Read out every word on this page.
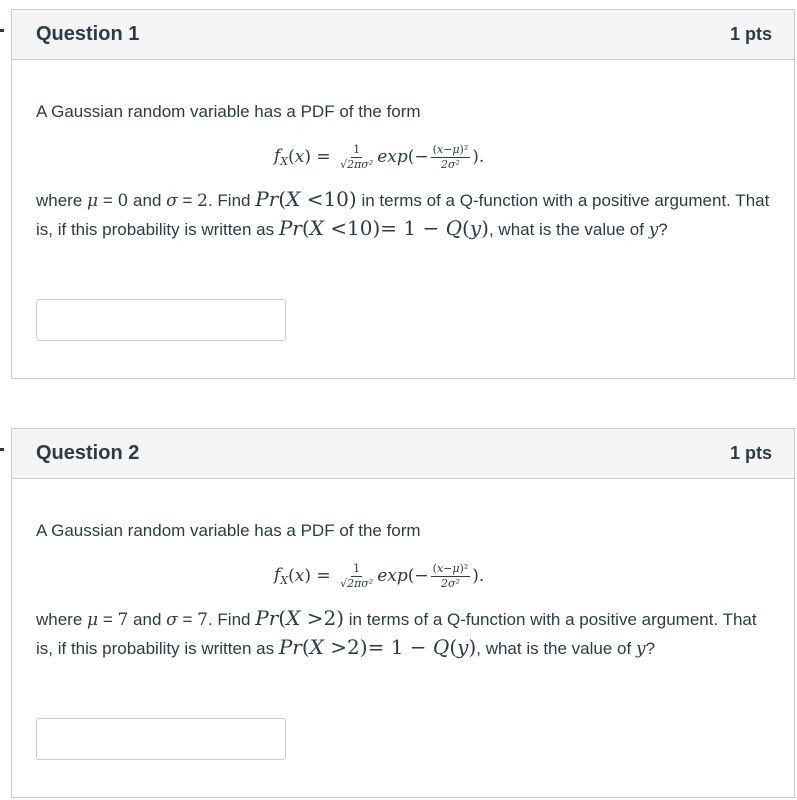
Question 1	1 pts
A Gaussian random variable has a PDF of the form
$f_X$ ( x ) = $\frac{1}{\text{√2πσ²}}$ exp (− $\frac{\text{(x−μ)²}}{\text{2σ²}}$ ).
where μ = 0 and σ = 2. Find Pr(X <10) in terms of a Q-function with a positive argument. That is, if this probability is written as Pr(X <10)= 1 − Q(y), what is the value of y?
Question 2	1 pts
A Gaussian random variable has a PDF of the form
$f_X$ ( x ) = $\frac{1}{\text{√2πσ²}}$ exp (− $\frac{\text{(x−μ)²}}{\text{2σ²}}$ ).
where μ = 7 and σ = 7. Find Pr(X >2) in terms of a Q-function with a positive argument. That is, if this probability is written as Pr(X >2)= 1 − Q(y), what is the value of y?
